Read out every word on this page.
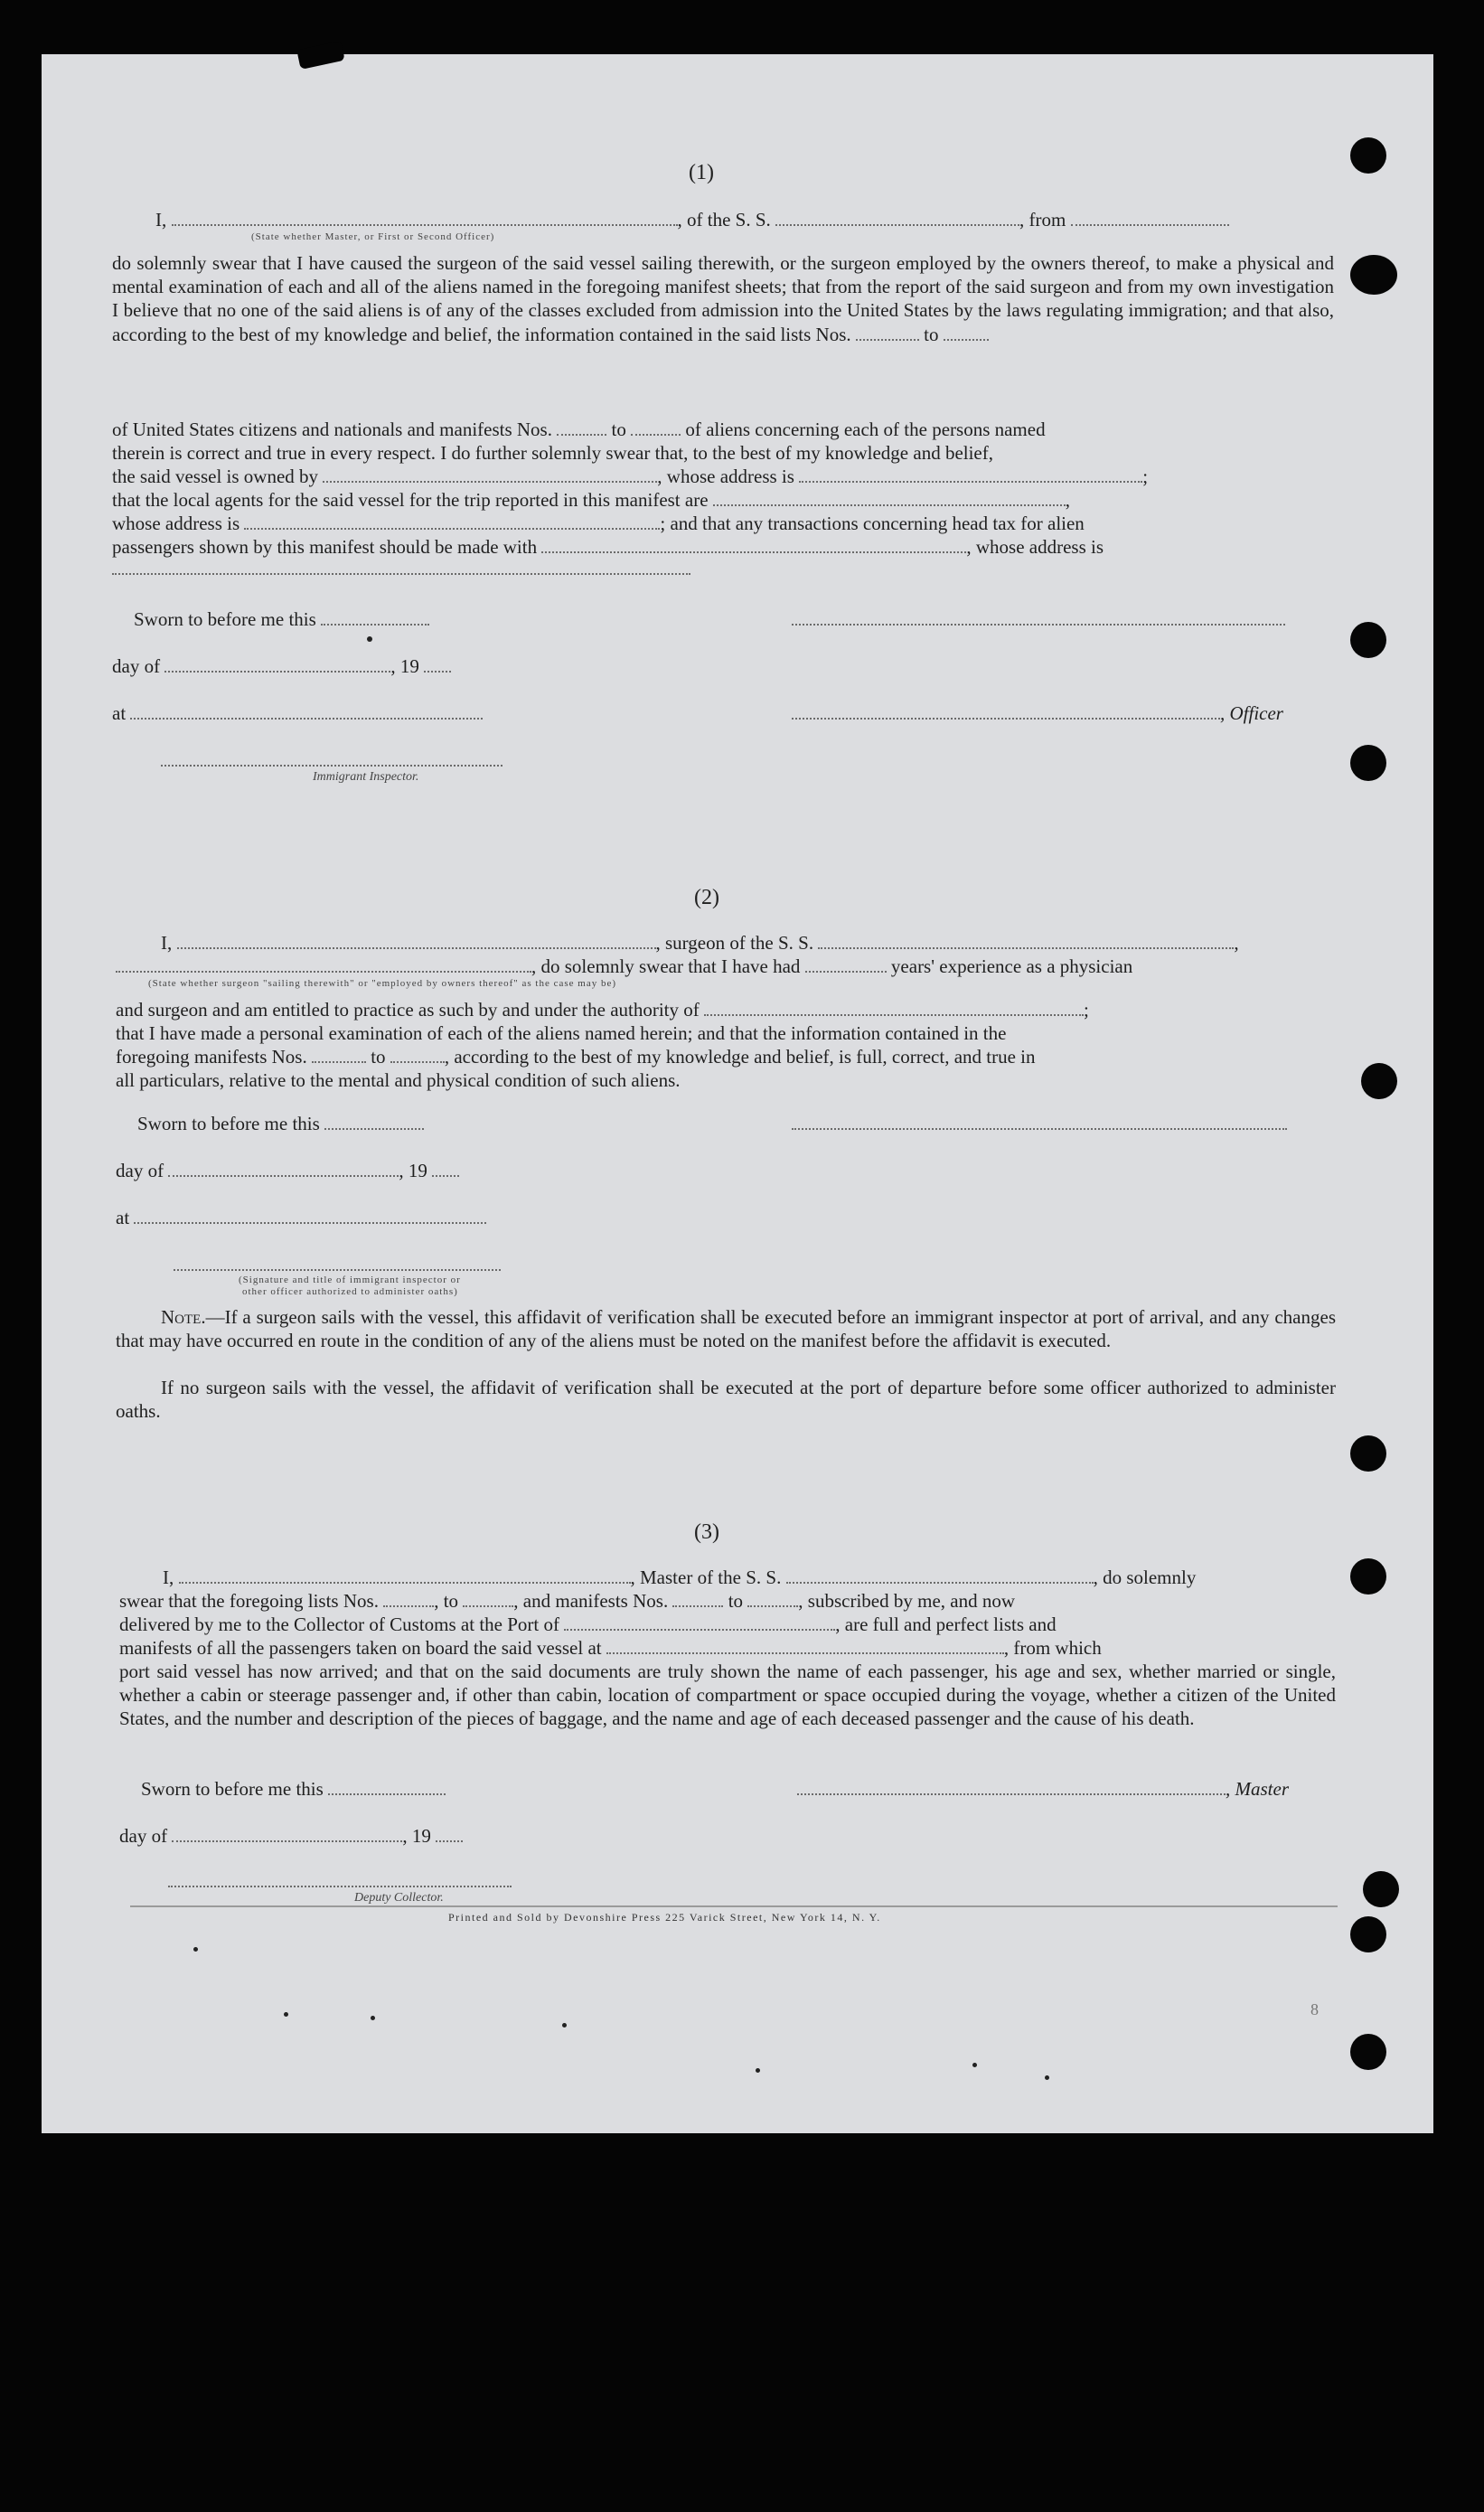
(1)
I,	, of the S. S.	, from
(State whether Master, or First or Second Officer)
do solemnly swear that I have caused the surgeon of the said vessel sailing therewith, or the surgeon employed by the owners thereof, to make a physical and mental examination of each and all of the aliens named in the foregoing manifest sheets; that from the report of the said surgeon and from my own investigation I believe that no one of the said aliens is of any of the classes excluded from admission into the United States by the laws regulating immigration; and that also, according to the best of my knowledge and belief, the information contained in the said lists Nos.	to
of United States citizens and nationals and manifests Nos.	to	of aliens concerning each of the persons named
therein is correct and true in every respect. I do further solemnly swear that, to the best of my knowledge and belief,
the said vessel is owned by	, whose address is	;
that the local agents for the said vessel for the trip reported in this manifest are	,
whose address is	; and that any transactions concerning head tax for alien
passengers shown by this manifest should be made with	, whose address is
Sworn to before me this
day of	, 19
at	, Officer
Immigrant Inspector.
(2)
I,	, surgeon of the S. S.	,
, do solemnly swear that I have had	years' experience as a physician
(State whether surgeon "sailing therewith" or "employed by owners thereof" as the case may be)
and surgeon and am entitled to practice as such by and under the authority of	;
that I have made a personal examination of each of the aliens named herein; and that the information contained in the
foregoing manifests Nos.	to	, according to the best of my knowledge and belief, is full, correct, and true in
all particulars, relative to the mental and physical condition of such aliens.
Sworn to before me this
day of	, 19
at
(Signature and title of immigrant inspector or
other officer authorized to administer oaths)
Note.—If a surgeon sails with the vessel, this affidavit of verification shall be executed before an immigrant inspector at port of arrival, and any changes that may have occurred en route in the condition of any of the aliens must be noted on the manifest before the affidavit is executed.
If no surgeon sails with the vessel, the affidavit of verification shall be executed at the port of departure before some officer authorized to administer oaths.
(3)
I,	, Master of the S. S.	, do solemnly
swear that the foregoing lists Nos.	, to	, and manifests Nos.	to	, subscribed by me, and now
delivered by me to the Collector of Customs at the Port of	, are full and perfect lists and
manifests of all the passengers taken on board the said vessel at	, from which
port said vessel has now arrived; and that on the said documents are truly shown the name of each passenger, his age and sex, whether married or single, whether a cabin or steerage passenger and, if other than cabin, location of compartment or space occupied during the voyage, whether a citizen of the United States, and the number and description of the pieces of baggage, and the name and age of each deceased passenger and the cause of his death.
Sworn to before me this	, Master
day of	, 19
Deputy Collector.
Printed and Sold by Devonshire Press 225 Varick Street, New York 14, N. Y.
8
